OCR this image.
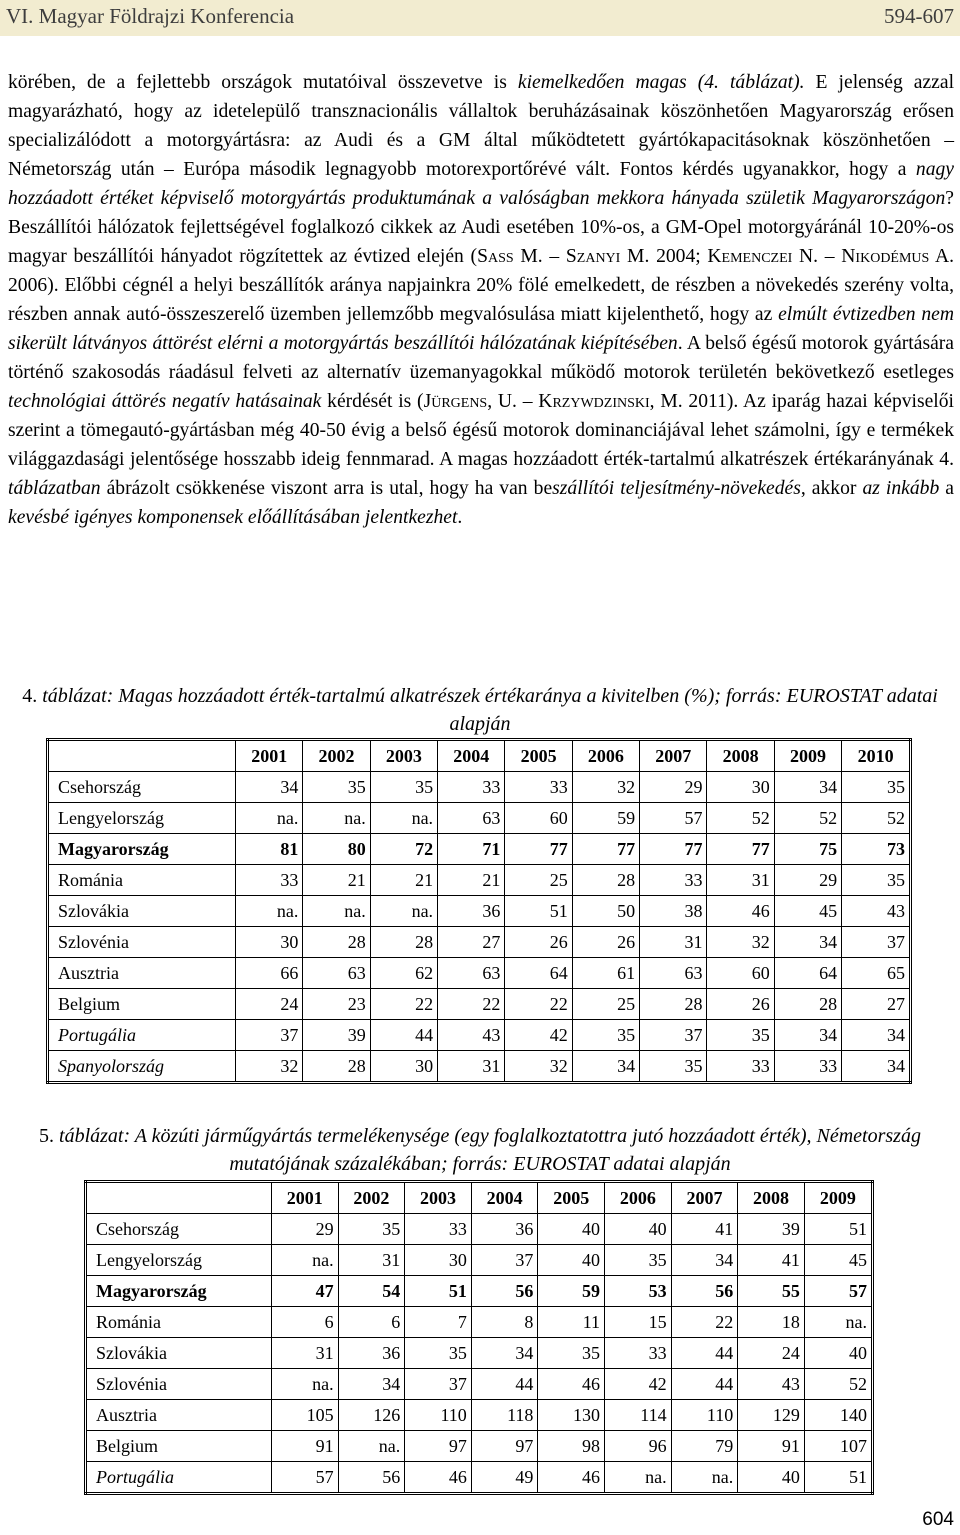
VI. Magyar Földrajzi Konferencia	594-607
körében, de a fejlettebb országok mutatóival összevetve is kiemelkedően magas (4. táblázat). E jelenség azzal magyarázható, hogy az idetelepülő transznacionális vállaltok beruházásainak köszönhetően Magyarország erősen specializálódott a motorgyártásra: az Audi és a GM által működtetett gyártókapacitásoknak köszönhetően – Németország után – Európa második legnagyobb motorexportőrévé vált. Fontos kérdés ugyanakkor, hogy a nagy hozzáadott értéket képviselő motorgyártás produktumának a valóságban mekkora hányada születik Magyarországon? Beszállítói hálózatok fejlettségével foglalkozó cikkek az Audi esetében 10%-os, a GM-Opel motorgyáránál 10-20%-os magyar beszállítói hányadot rögzítettek az évtized elején (Sass M. – Szanyi M. 2004; Kemenczei N. – Nikodémus A. 2006). Előbbi cégnél a helyi beszállítók aránya napjainkra 20% fölé emelkedett, de részben a növekedés szerény volta, részben annak autó-összeszerelő üzemben jellemzőbb megvalósulása miatt kijelenthető, hogy az elmúlt évtizedben nem sikerült látványos áttörést elérni a motorgyártás beszállítói hálózatának kiépítésében. A belső égésű motorok gyártására történő szakosodás ráadásul felveti az alternatív üzemanyagokkal működő motorok területén bekövetkező esetleges technológiai áttörés negatív hatásainak kérdését is (Jürgens, U. – Krzywdzinski, M. 2011). Az iparág hazai képviselői szerint a tömegautó-gyártásban még 40-50 évig a belső égésű motorok dominanciájával lehet számolni, így e termékek világgazdasági jelentősége hosszabb ideig fennmarad. A magas hozzáadott érték-tartalmú alkatrészek értékarányának 4. táblázatban ábrázolt csökkenése viszont arra is utal, hogy ha van beszállítói teljesítmény-növekedés, akkor az inkább a kevésbé igényes komponensek előállításában jelentkezhet.
4. táblázat: Magas hozzáadott érték-tartalmú alkatrészek értékaránya a kivitelben (%); forrás: EUROSTAT adatai alapján
	2001	2002	2003	2004	2005	2006	2007	2008	2009	2010
Csehország	34	35	35	33	33	32	29	30	34	35
Lengyelország	na.	na.	na.	63	60	59	57	52	52	52
Magyarország	81	80	72	71	77	77	77	77	75	73
Románia	33	21	21	21	25	28	33	31	29	35
Szlovákia	na.	na.	na.	36	51	50	38	46	45	43
Szlovénia	30	28	28	27	26	26	31	32	34	37
Ausztria	66	63	62	63	64	61	63	60	64	65
Belgium	24	23	22	22	22	25	28	26	28	27
Portugália	37	39	44	43	42	35	37	35	34	34
Spanyolország	32	28	30	31	32	34	35	33	33	34
5. táblázat: A közúti járműgyártás termelékenysége (egy foglalkoztatottra jutó hozzáadott érték), Németország mutatójának százalékában; forrás: EUROSTAT adatai alapján
	2001	2002	2003	2004	2005	2006	2007	2008	2009
Csehország	29	35	33	36	40	40	41	39	51
Lengyelország	na.	31	30	37	40	35	34	41	45
Magyarország	47	54	51	56	59	53	56	55	57
Románia	6	6	7	8	11	15	22	18	na.
Szlovákia	31	36	35	34	35	33	44	24	40
Szlovénia	na.	34	37	44	46	42	44	43	52
Ausztria	105	126	110	118	130	114	110	129	140
Belgium	91	na.	97	97	98	96	79	91	107
Portugália	57	56	46	49	46	na.	na.	40	51
604
